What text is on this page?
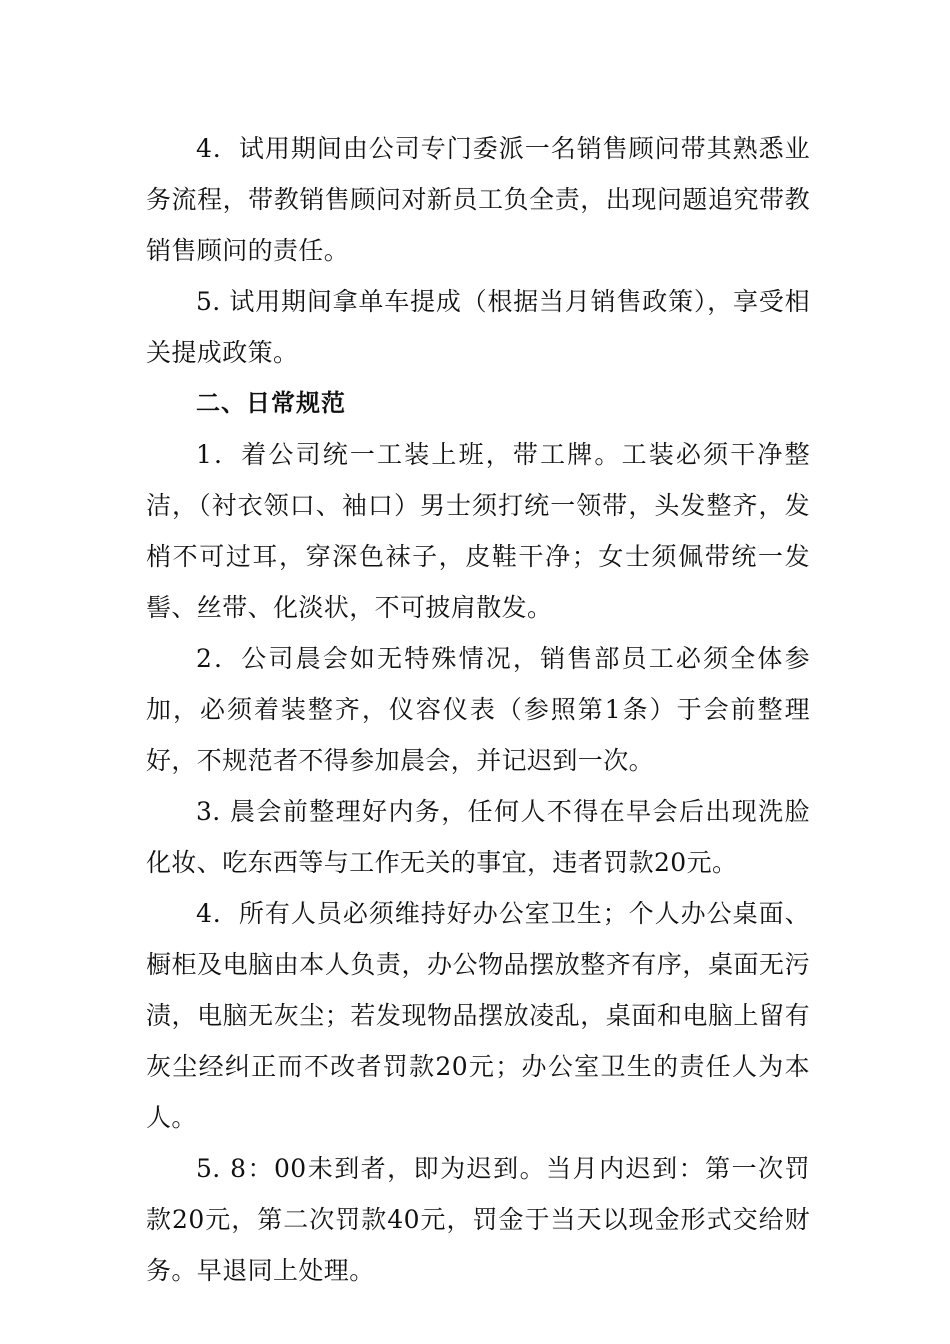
4．试用期间由公司专门委派一名销售顾问带其熟悉业务流程，带教销售顾问对新员工负全责，出现问题追究带教销售顾问的责任。

5. 试用期间拿单车提成（根据当月销售政策），享受相关提成政策。

二、日常规范

1．着公司统一工装上班，带工牌。工装必须干净整洁，（衬衣领口、袖口）男士须打统一领带，头发整齐，发梢不可过耳，穿深色袜子，皮鞋干净；女士须佩带统一发髻、丝带、化淡状，不可披肩散发。

2．公司晨会如无特殊情况，销售部员工必须全体参加，必须着装整齐，仪容仪表（参照第1条）于会前整理好，不规范者不得参加晨会，并记迟到一次。

3. 晨会前整理好内务，任何人不得在早会后出现洗脸化妆、吃东西等与工作无关的事宜，违者罚款20元。

4．所有人员必须维持好办公室卫生；个人办公桌面、橱柜及电脑由本人负责，办公物品摆放整齐有序，桌面无污渍，电脑无灰尘；若发现物品摆放凌乱，桌面和电脑上留有灰尘经纠正而不改者罚款20元；办公室卫生的责任人为本人。

5. 8：00未到者，即为迟到。当月内迟到：第一次罚款20元，第二次罚款40元，罚金于当天以现金形式交给财务。早退同上处理。
